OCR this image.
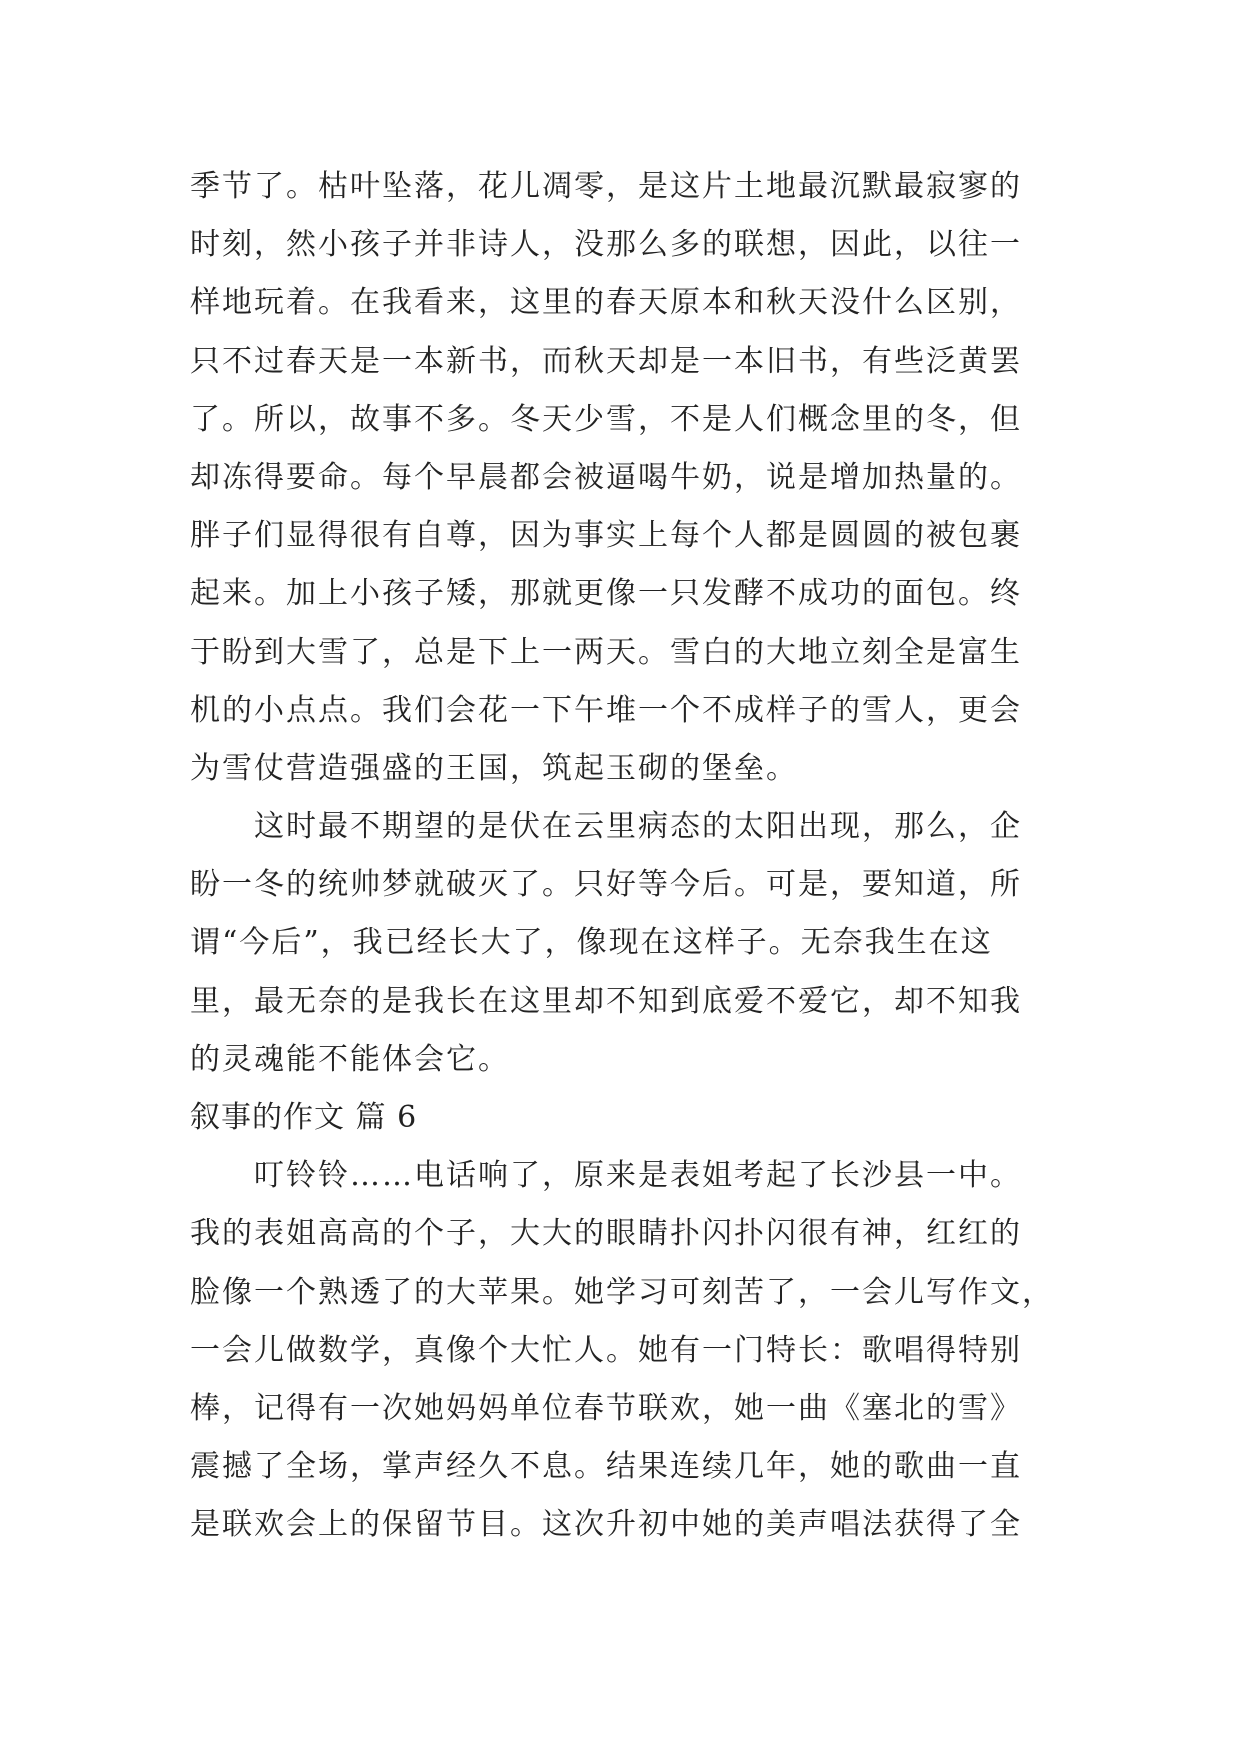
季节了。枯叶坠落，花儿凋零，是这片土地最沉默最寂寥的
时刻，然小孩子并非诗人，没那么多的联想，因此，以往一
样地玩着。在我看来，这里的春天原本和秋天没什么区别，
只不过春天是一本新书，而秋天却是一本旧书，有些泛黄罢
了。所以，故事不多。冬天少雪，不是人们概念里的冬，但
却冻得要命。每个早晨都会被逼喝牛奶，说是增加热量的。
胖子们显得很有自尊，因为事实上每个人都是圆圆的被包裹
起来。加上小孩子矮，那就更像一只发酵不成功的面包。终
于盼到大雪了，总是下上一两天。雪白的大地立刻全是富生
机的小点点。我们会花一下午堆一个不成样子的雪人，更会
为雪仗营造强盛的王国，筑起玉砌的堡垒。
这时最不期望的是伏在云里病态的太阳出现，那么，企
盼一冬的统帅梦就破灭了。只好等今后。可是，要知道，所
谓“今后”，我已经长大了，像现在这样子。无奈我生在这
里，最无奈的是我长在这里却不知到底爱不爱它，却不知我
的灵魂能不能体会它。
叙事的作文 篇 6
叮铃铃……电话响了，原来是表姐考起了长沙县一中。
我的表姐高高的个子，大大的眼睛扑闪扑闪很有神，红红的
脸像一个熟透了的大苹果。她学习可刻苦了，一会儿写作文，
一会儿做数学，真像个大忙人。她有一门特长：歌唱得特别
棒，记得有一次她妈妈单位春节联欢，她一曲《塞北的雪》
震撼了全场，掌声经久不息。结果连续几年，她的歌曲一直
是联欢会上的保留节目。这次升初中她的美声唱法获得了全
